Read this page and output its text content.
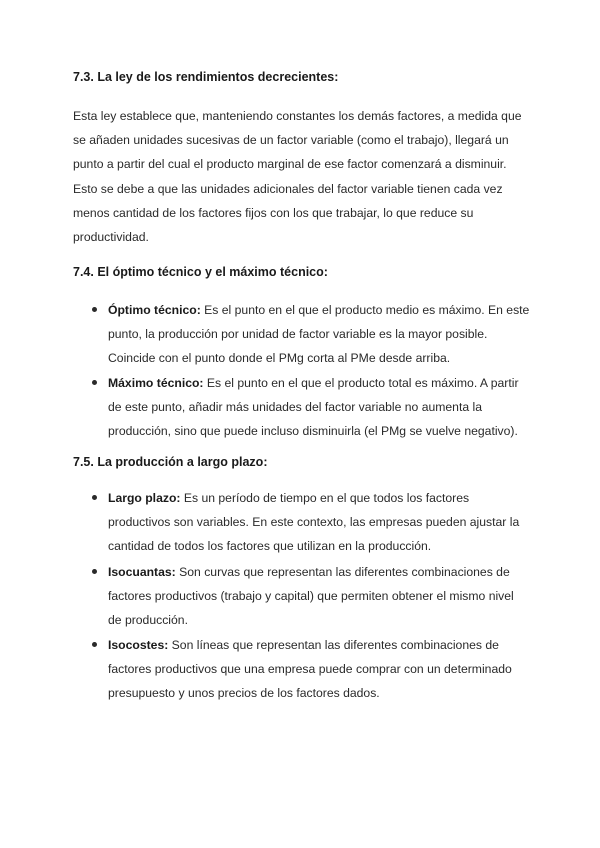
7.3. La ley de los rendimientos decrecientes:
Esta ley establece que, manteniendo constantes los demás factores, a medida que
se añaden unidades sucesivas de un factor variable (como el trabajo), llegará un
punto a partir del cual el producto marginal de ese factor comenzará a disminuir.
Esto se debe a que las unidades adicionales del factor variable tienen cada vez
menos cantidad de los factores fijos con los que trabajar, lo que reduce su
productividad.
7.4. El óptimo técnico y el máximo técnico:
Óptimo técnico: Es el punto en el que el producto medio es máximo. En este
punto, la producción por unidad de factor variable es la mayor posible.
Coincide con el punto donde el PMg corta al PMe desde arriba.
Máximo técnico: Es el punto en el que el producto total es máximo. A partir
de este punto, añadir más unidades del factor variable no aumenta la
producción, sino que puede incluso disminuirla (el PMg se vuelve negativo).
7.5. La producción a largo plazo:
Largo plazo: Es un período de tiempo en el que todos los factores
productivos son variables. En este contexto, las empresas pueden ajustar la
cantidad de todos los factores que utilizan en la producción.
Isocuantas: Son curvas que representan las diferentes combinaciones de
factores productivos (trabajo y capital) que permiten obtener el mismo nivel
de producción.
Isocostes: Son líneas que representan las diferentes combinaciones de
factores productivos que una empresa puede comprar con un determinado
presupuesto y unos precios de los factores dados.
